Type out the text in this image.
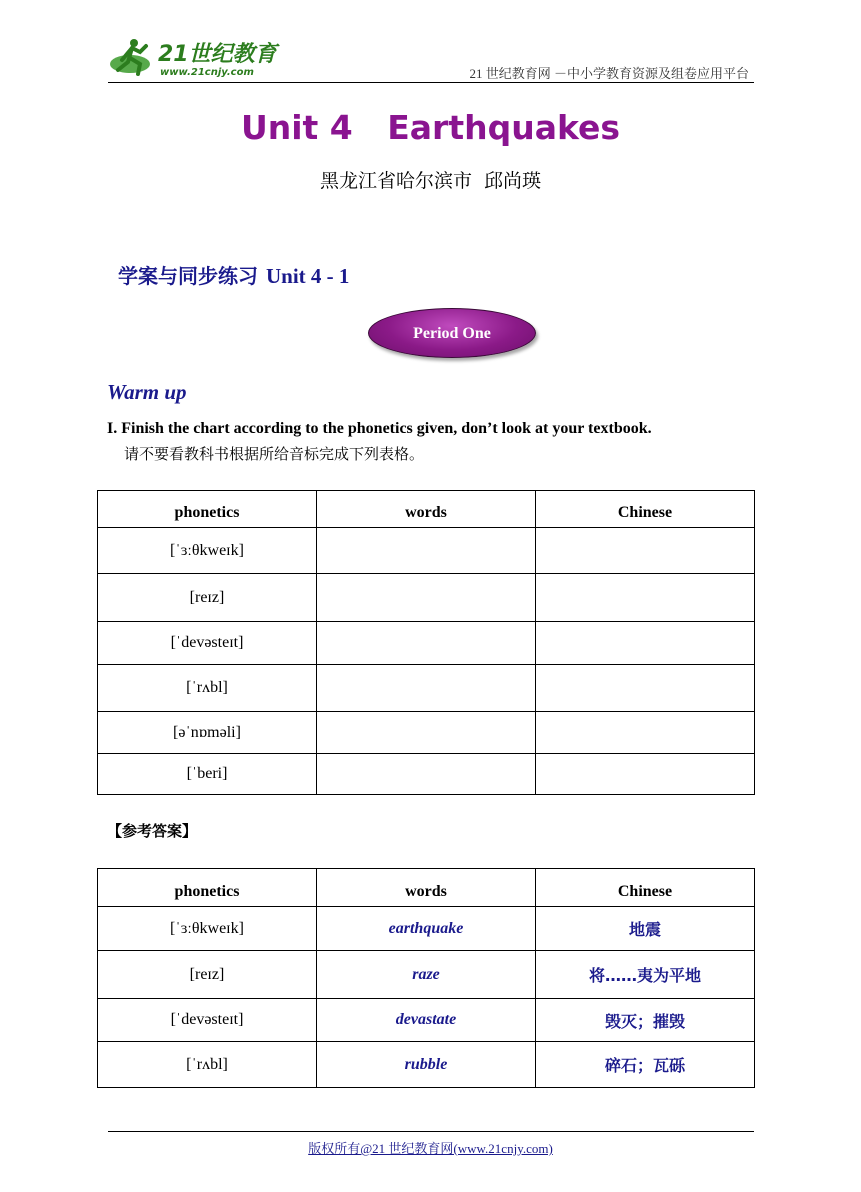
21世纪教育
www.21cnjy.com	21 世纪教育网 －中小学教育资源及组卷应用平台
Unit 4   Earthquakes
黑龙江省哈尔滨市  邱尚瑛
学案与同步练习 Unit 4 - 1
Period One
Warm up
I. Finish the chart according to the phonetics given, don’t look at your textbook.
请不要看教科书根据所给音标完成下列表格。
phonetics	words	Chinese
[ˈɜːθkweɪk]		
[reɪz]		
[ˈdevəsteɪt]		
[ˈrʌbl]		
[əˈnɒməli]		
[ˈberi]		
【参考答案】
phonetics	words	Chinese
[ˈɜːθkweɪk]	earthquake	地震
[reɪz]	raze	将……夷为平地
[ˈdevəsteɪt]	devastate	毁灭；摧毁
[ˈrʌbl]	rubble	碎石；瓦砾
版权所有@21 世纪教育网(www.21cnjy.com)
